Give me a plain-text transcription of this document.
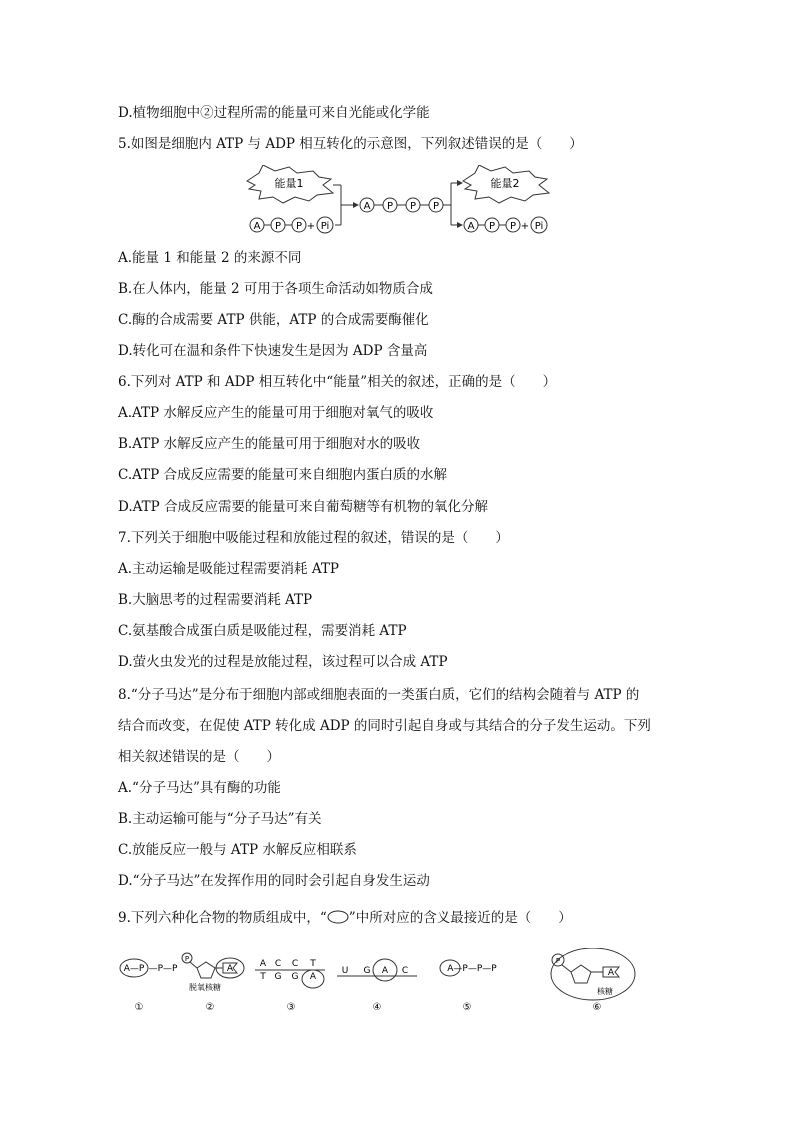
D.植物细胞中②过程所需的能量可来自光能或化学能
5.如图是细胞内 ATP 与 ADP 相互转化的示意图，下列叙述错误的是（　　）
能量1
A P P + Pi
A P P P
能量2
A P P + Pi
A.能量 1 和能量 2 的来源不同
B.在人体内，能量 2 可用于各项生命活动如物质合成
C.酶的合成需要 ATP 供能，ATP 的合成需要酶催化
D.转化可在温和条件下快速发生是因为 ADP 含量高
6.下列对 ATP 和 ADP 相互转化中“能量”相关的叙述，正确的是（　　）
A.ATP 水解反应产生的能量可用于细胞对氧气的吸收
B.ATP 水解反应产生的能量可用于细胞对水的吸收
C.ATP 合成反应需要的能量可来自细胞内蛋白质的水解
D.ATP 合成反应需要的能量可来自葡萄糖等有机物的氧化分解
7.下列关于细胞中吸能过程和放能过程的叙述，错误的是（　　）
A.主动运输是吸能过程需要消耗 ATP
B.大脑思考的过程需要消耗 ATP
C.氨基酸合成蛋白质是吸能过程，需要消耗 ATP
D.萤火虫发光的过程是放能过程，该过程可以合成 ATP
8.“分子马达”是分布于细胞内部或细胞表面的一类蛋白质，它们的结构会随着与 ATP 的
结合而改变，在促使 ATP 转化成 ADP 的同时引起自身或与其结合的分子发生运动。下列
相关叙述错误的是（　　）
A.“分子马达”具有酶的功能
B.主动运输可能与“分子马达”有关
C.放能反应一般与 ATP 水解反应相联系
D.“分子马达”在发挥作用的同时会引起自身发生运动
9.下列六种化合物的物质组成中，“ ”中所对应的含义最接近的是（　　）
A—P —P—P
P
A
脱氧核糖
A C C T
T G G A
U G A C	A—P—P—P
P
A
核糖
①	②	③	④	⑤	⑥
